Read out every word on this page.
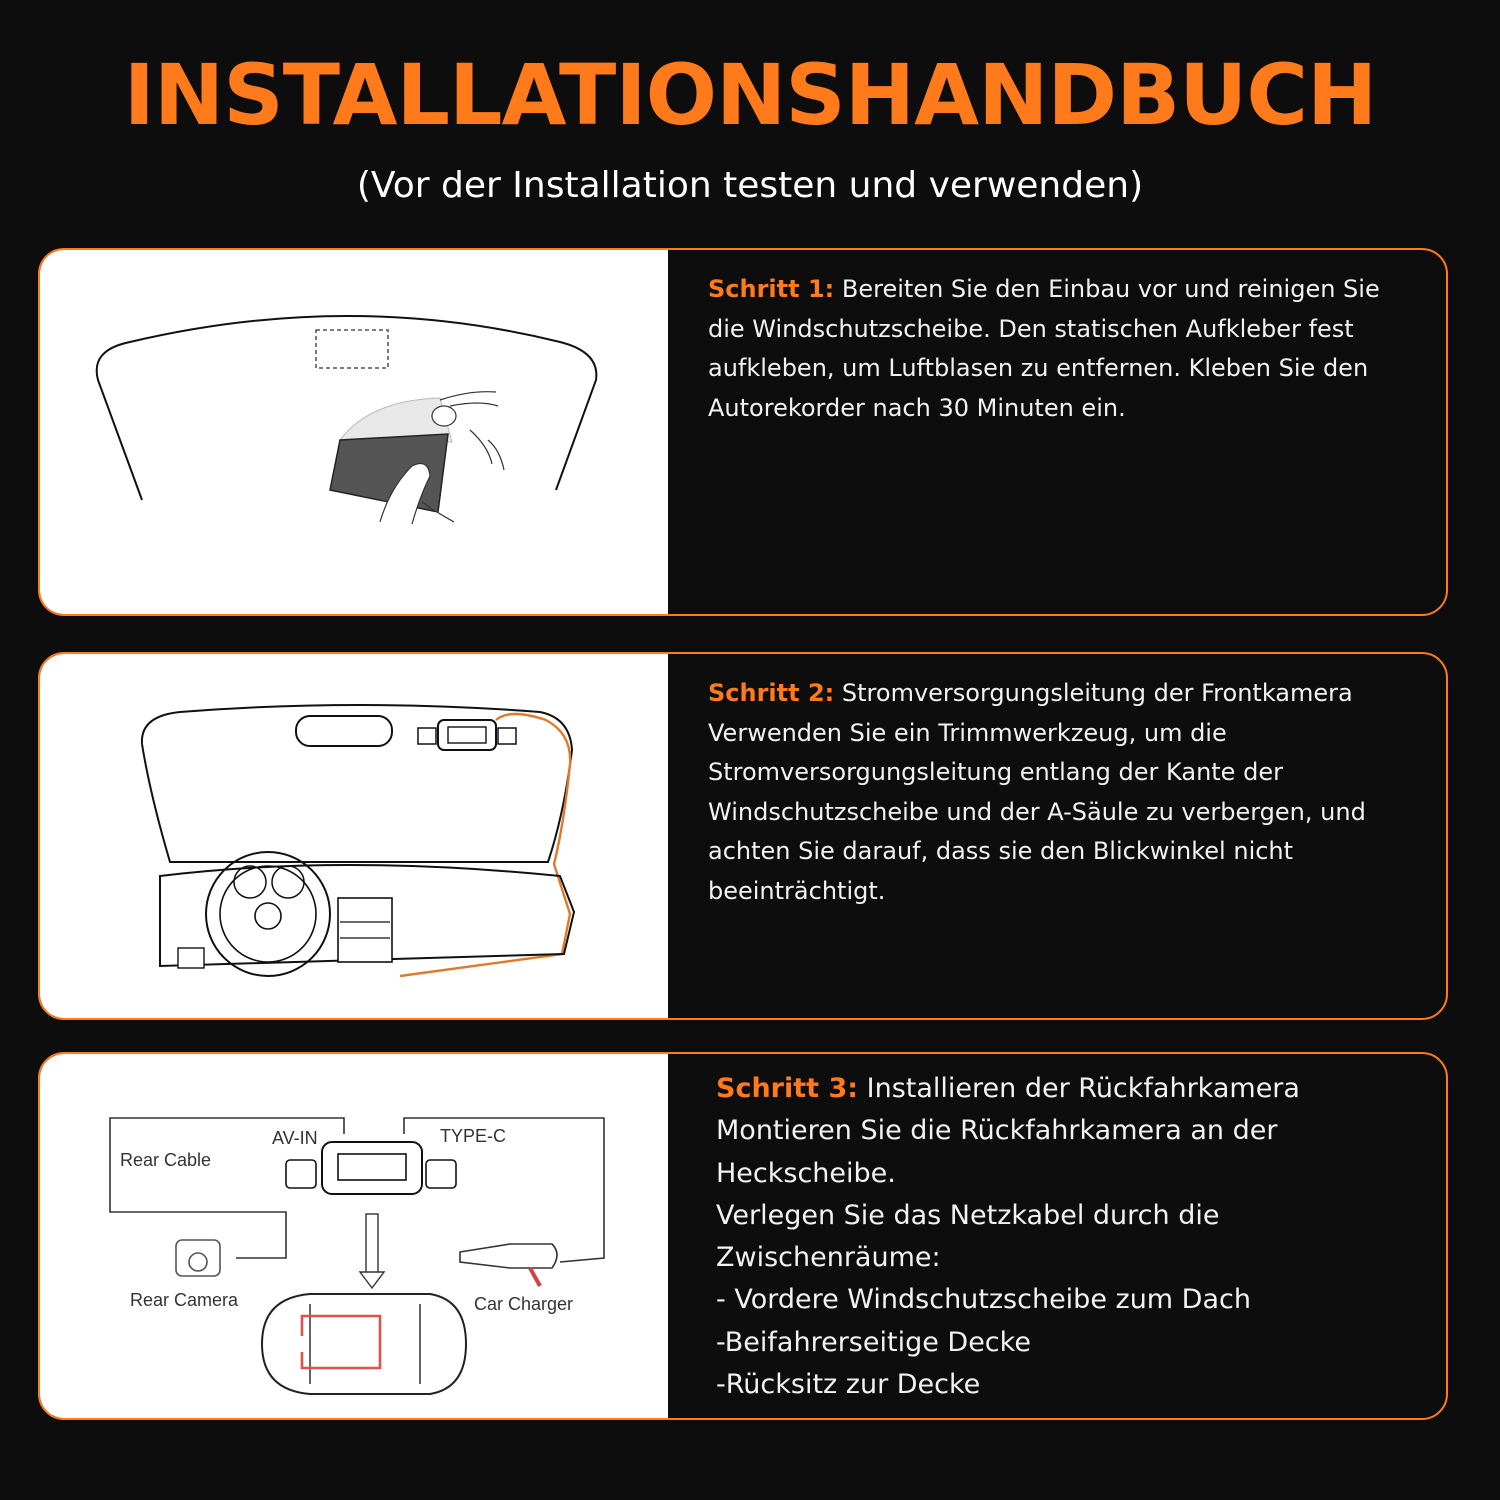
INSTALLATIONSHANDBUCH
(Vor der Installation testen und verwenden)
Schritt 1: Bereiten Sie den Einbau vor und reinigen Sie die Windschutzscheibe. Den statischen Aufkleber fest aufkleben, um Luftblasen zu entfernen. Kleben Sie den Autorekorder nach 30 Minuten ein.
Schritt 2: Stromversorgungsleitung der Frontkamera Verwenden Sie ein Trimmwerkzeug, um die Stromversorgungsleitung entlang der Kante der Windschutzscheibe und der A-Säule zu verbergen, und achten Sie darauf, dass sie den Blickwinkel nicht beeinträchtigt.
AV-IN	TYPE-C
Rear Cable
Rear Camera	Car Charger
Schritt 3: Installieren der Rückfahrkamera
Montieren Sie die Rückfahrkamera an der Heckscheibe.
Verlegen Sie das Netzkabel durch die Zwischenräume:
- Vordere Windschutzscheibe zum Dach
-Beifahrerseitige Decke
-Rücksitz zur Decke
